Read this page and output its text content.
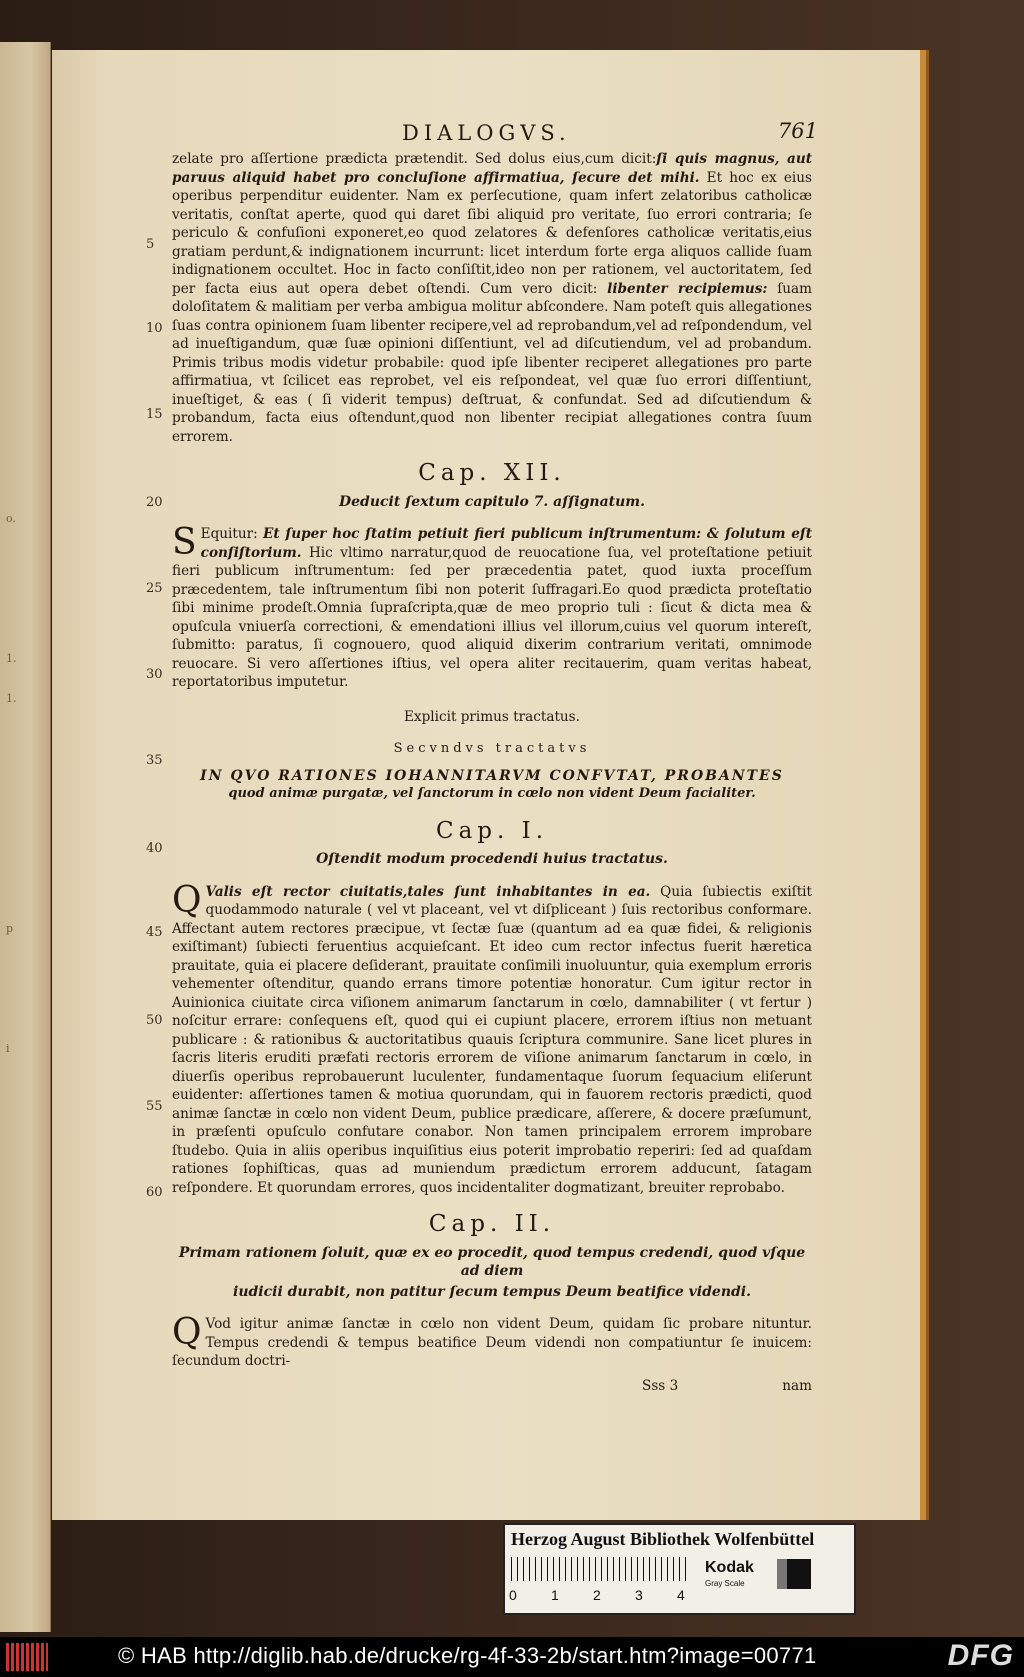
o.
1.
1.
p
i
DIALOGVS.	761
5
10
15
20
25
30
35
40
45
50
55
60

zelate pro aſſertione prædicta prætendit. Sed dolus eius,cum dicit:ſi quis magnus, aut paruus aliquid habet pro concluſione affirmatiua, ſecure det mihi. Et hoc ex eius operibus perpenditur euidenter. Nam ex perſecutione, quam infert zelatoribus catholicæ veritatis, conſtat aperte, quod qui daret ſibi aliquid pro veritate, ſuo errori contraria; ſe periculo & confuſioni exponeret,eo quod zelatores & defenſores catholicæ veritatis,eius gratiam perdunt,& indignationem incurrunt: licet interdum forte erga aliquos callide ſuam indignationem occultet. Hoc in facto conſiſtit,ideo non per rationem, vel auctoritatem, ſed per facta eius aut opera debet oſtendi. Cum vero dicit: libenter recipiemus: ſuam doloſitatem & malitiam per verba ambigua molitur abſcondere. Nam poteſt quis allegationes ſuas contra opinionem ſuam libenter recipere,vel ad reprobandum,vel ad reſpondendum, vel ad inueſtigandum, quæ ſuæ opinioni diſſentiunt, vel ad diſcutiendum, vel ad probandum. Primis tribus modis videtur probabile: quod ipſe libenter reciperet allegationes pro parte affirmatiua, vt ſcilicet eas reprobet, vel eis reſpondeat, vel quæ ſuo errori diſſentiunt, inueſtiget, & eas ( ſi viderit tempus) deſtruat, & confundat. Sed ad diſcutiendum & probandum, facta eius oſtendunt,quod non libenter recipiat allegationes contra ſuum errorem.

Cap. XII.
Deducit ſextum capitulo 7. aſſignatum.

S Equitur: Et ſuper hoc ſtatim petiuit fieri publicum inſtrumentum: & ſolutum eſt conſiſtorium. Hic vltimo narratur,quod de reuocatione ſua, vel proteſtatione petiuit fieri publicum inſtrumentum: ſed per præcedentia patet, quod iuxta proceſſum præcedentem, tale inſtrumentum ſibi non poterit ſuffragari.Eo quod prædicta proteſtatio ſibi minime prodeſt.Omnia ſupraſcripta,quæ de meo proprio tuli : ſicut & dicta mea & opuſcula vniuerſa correctioni, & emendationi illius vel illorum,cuius vel quorum intereſt, ſubmitto: paratus, ſi cognouero, quod aliquid dixerim contrarium veritati, omnimode reuocare. Si vero aſſertiones iſtius, vel opera aliter recitauerim, quam veritas habeat, reportatoribus imputetur.

Explicit primus tractatus.

Secvndvs tractatvs
IN QVO RATIONES IOHANNITARVM CONFVTAT, PROBANTES
quod animæ purgatæ, vel ſanctorum in cœlo non vident Deum facialiter.
Cap. I.
Oſtendit modum procedendi huius tractatus.

Q Valis eſt rector ciuitatis,tales ſunt inhabitantes in ea. Quia ſubiectis exiſtit quodammodo naturale ( vel vt placeant, vel vt diſpliceant ) ſuis rectoribus conformare. Affectant autem rectores præcipue, vt ſectæ ſuæ (quantum ad ea quæ fidei, & religionis exiſtimant) ſubiecti feruentius acquieſcant. Et ideo cum rector infectus fuerit hæretica prauitate, quia ei placere deſiderant, prauitate conſimili inuoluuntur, quia exemplum erroris vehementer oſtenditur, quando errans timore potentiæ honoratur. Cum igitur rector in Auinionica ciuitate circa viſionem animarum ſanctarum in cœlo, damnabiliter ( vt fertur ) noſcitur errare: conſequens eſt, quod qui ei cupiunt placere, errorem iſtius non metuant publicare : & rationibus & auctoritatibus quauis ſcriptura communire. Sane licet plures in ſacris literis eruditi præfati rectoris errorem de viſione animarum ſanctarum in cœlo, in diuerſis operibus reprobauerunt luculenter, fundamentaque ſuorum ſequacium eliſerunt euidenter: aſſertiones tamen & motiua quorundam, qui in fauorem rectoris prædicti, quod animæ ſanctæ in cœlo non vident Deum, publice prædicare, aſſerere, & docere præſumunt, in præſenti opuſculo confutare conabor. Non tamen principalem errorem improbare ſtudebo. Quia in aliis operibus inquiſitius eius poterit improbatio reperiri: ſed ad quaſdam rationes ſophiſticas, quas ad muniendum prædictum errorem adducunt, ſatagam reſpondere. Et quorundam errores, quos incidentaliter dogmatizant, breuiter reprobabo.

Cap. II.
Primam rationem ſoluit, quæ ex eo procedit, quod tempus credendi, quod vſque ad diem
iudicii durabit, non patitur ſecum tempus Deum beatifice videndi.

Q Vod igitur animæ ſanctæ in cœlo non vident Deum, quidam ſic probare nituntur. Tempus credendi & tempus beatifice Deum videndi non compatiuntur ſe inuicem: ſecundum doctri-

Sss 3	nam
Herzog August Bibliothek Wolfenbüttel
0 1 2 3 4
Kodak
Gray Scale
© HAB http://diglib.hab.de/drucke/rg-4f-33-2b/start.htm?image=00771	DFG
